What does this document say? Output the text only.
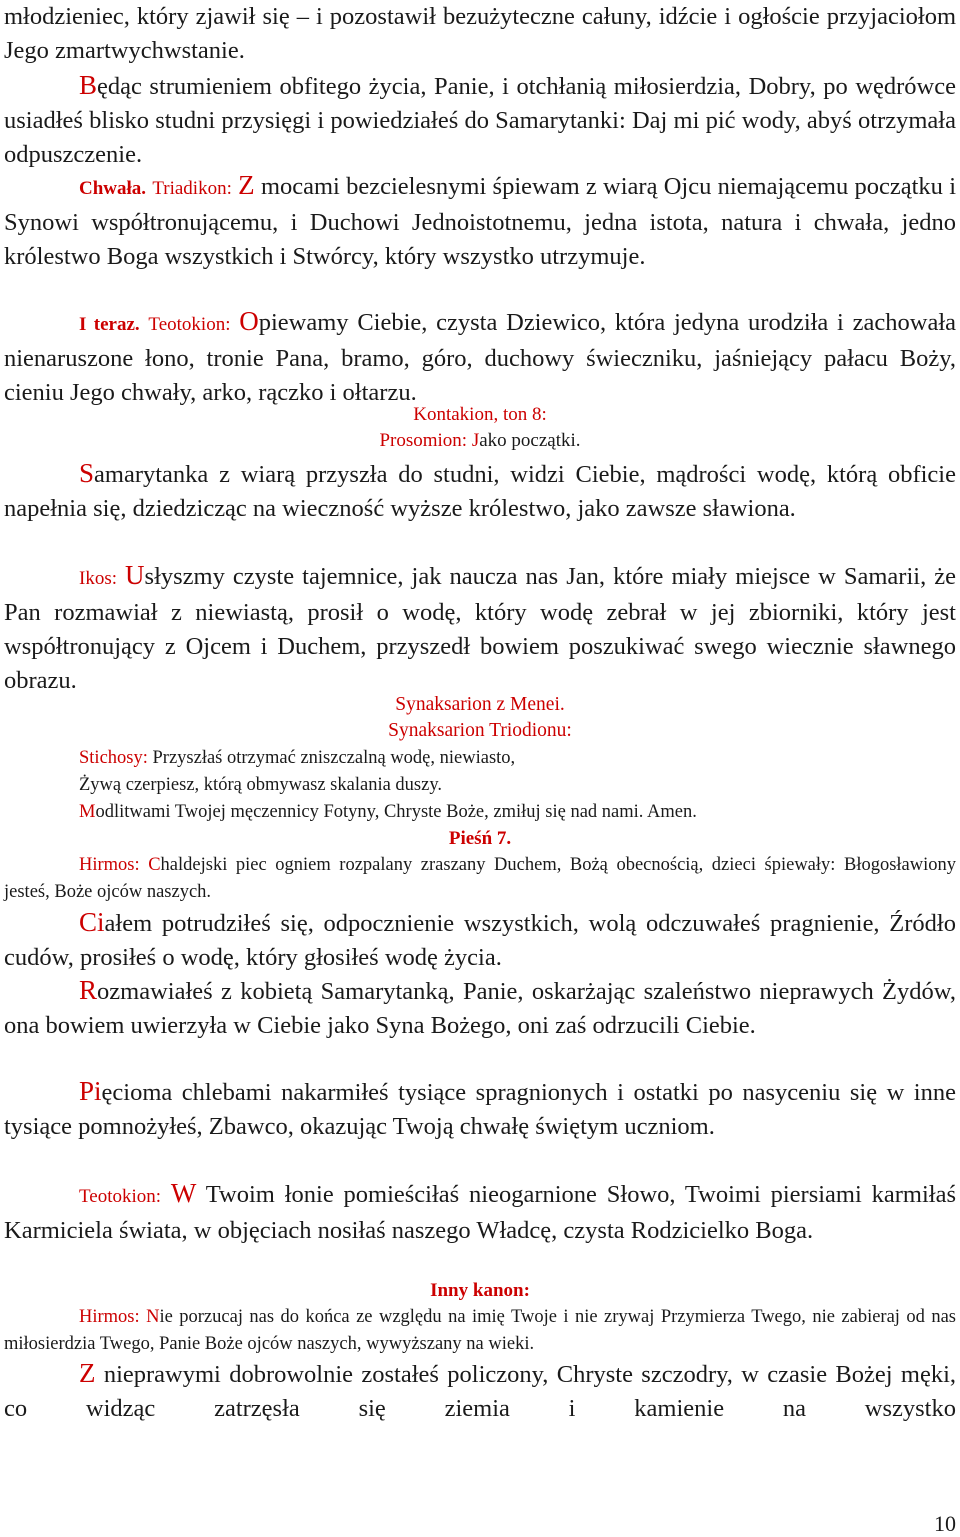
młodzieniec, który zjawił się – i pozostawił bezużyteczne całuny, idźcie i ogłoście przyjaciołom Jego zmartwychwstanie.

Będąc strumieniem obfitego życia, Panie, i otchłanią miłosierdzia, Dobry, po wędrówce usiadłeś blisko studni przysięgi i powiedziałeś do Samarytanki: Daj mi pić wody, abyś otrzymała odpuszczenie.

Chwała. Triadikon: Z mocami bezcielesnymi śpiewam z wiarą Ojcu niemającemu początku i Synowi współtronującemu, i Duchowi Jednoistotnemu, jedna istota, natura i chwała, jedno królestwo Boga wszystkich i Stwórcy, który wszystko utrzymuje.

I teraz. Teotokion: Opiewamy Ciebie, czysta Dziewico, która jedyna urodziła i zachowała nienaruszone łono, tronie Pana, bramo, góro, duchowy świeczniku, jaśniejący pałacu Boży, cieniu Jego chwały, arko, rączko i ołtarzu.

Kontakion, ton 8:

Prosomion: Jako początki.

Samarytanka z wiarą przyszła do studni, widzi Ciebie, mądrości wodę, którą obficie napełnia się, dziedzicząc na wieczność wyższe królestwo, jako zawsze sławiona.

Ikos: Usłyszmy czyste tajemnice, jak naucza nas Jan, które miały miejsce w Samarii, że Pan rozmawiał z niewiastą, prosił o wodę, który wodę zebrał w jej zbiorniki, który jest współtronujący z Ojcem i Duchem, przyszedł bowiem poszukiwać swego wiecznie sławnego obrazu.

Synaksarion z Menei.

Synaksarion Triodionu:

Stichosy: Przyszłaś otrzymać zniszczalną wodę, niewiasto,

Żywą czerpiesz, którą obmywasz skalania duszy.

Modlitwami Twojej męczennicy Fotyny, Chryste Boże, zmiłuj się nad nami. Amen.

Pieśń 7.

Hirmos: Chaldejski piec ogniem rozpalany zraszany Duchem, Bożą obecnością, dzieci śpiewały: Błogosławiony jesteś, Boże ojców naszych.

Ciałem potrudziłeś się, odpocznienie wszystkich, wolą odczuwałeś pragnienie, Źródło cudów, prosiłeś o wodę, który głosiłeś wodę życia.

Rozmawiałeś z kobietą Samarytanką, Panie, oskarżając szaleństwo nieprawych Żydów, ona bowiem uwierzyła w Ciebie jako Syna Bożego, oni zaś odrzucili Ciebie.

Pięcioma chlebami nakarmiłeś tysiące spragnionych i ostatki po nasyceniu się w inne tysiące pomnożyłeś, Zbawco, okazując Twoją chwałę świętym uczniom.

Teotokion: W Twoim łonie pomieściłaś nieogarnione Słowo, Twoimi piersiami karmiłaś Karmiciela świata, w objęciach nosiłaś naszego Władcę, czysta Rodzicielko Boga.

Inny kanon:

Hirmos: Nie porzucaj nas do końca ze względu na imię Twoje i nie zrywaj Przymierza Twego, nie zabieraj od nas miłosierdzia Twego, Panie Boże ojców naszych, wywyższany na wieki.

Z nieprawymi dobrowolnie zostałeś policzony, Chryste szczodry, w czasie Bożej męki, co widząc zatrzęsła się ziemia i kamienie na wszystko

10
